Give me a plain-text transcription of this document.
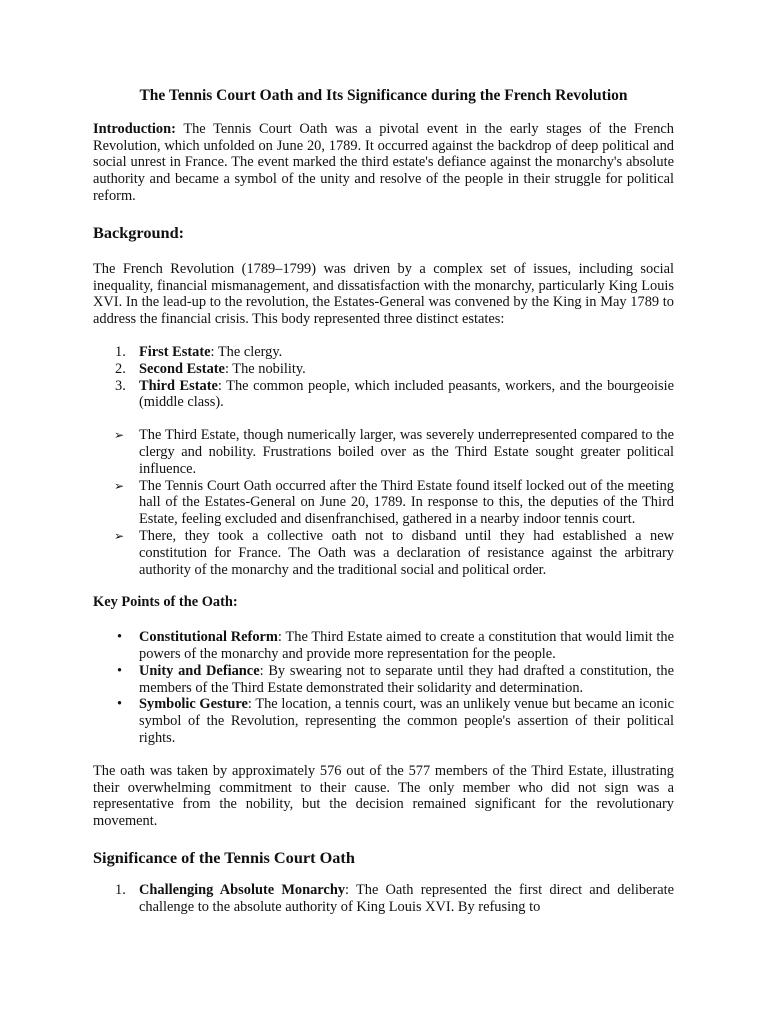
The Tennis Court Oath and Its Significance during the French Revolution

Introduction: The Tennis Court Oath was a pivotal event in the early stages of the French Revolution, which unfolded on June 20, 1789. It occurred against the backdrop of deep political and social unrest in France. The event marked the third estate's defiance against the monarchy's absolute authority and became a symbol of the unity and resolve of the people in their struggle for political reform.

Background:

The French Revolution (1789–1799) was driven by a complex set of issues, including social inequality, financial mismanagement, and dissatisfaction with the monarchy, particularly King Louis XVI. In the lead-up to the revolution, the Estates-General was convened by the King in May 1789 to address the financial crisis. This body represented three distinct estates:

1. First Estate: The clergy.
2. Second Estate: The nobility.
3. Third Estate: The common people, which included peasants, workers, and the bourgeoisie (middle class).
➢ The Third Estate, though numerically larger, was severely underrepresented compared to the clergy and nobility. Frustrations boiled over as the Third Estate sought greater political influence.
➢ The Tennis Court Oath occurred after the Third Estate found itself locked out of the meeting hall of the Estates-General on June 20, 1789. In response to this, the deputies of the Third Estate, feeling excluded and disenfranchised, gathered in a nearby indoor tennis court.
➢ There, they took a collective oath not to disband until they had established a new constitution for France. The Oath was a declaration of resistance against the arbitrary authority of the monarchy and the traditional social and political order.
Key Points of the Oath:
• Constitutional Reform: The Third Estate aimed to create a constitution that would limit the powers of the monarchy and provide more representation for the people.
• Unity and Defiance: By swearing not to separate until they had drafted a constitution, the members of the Third Estate demonstrated their solidarity and determination.
• Symbolic Gesture: The location, a tennis court, was an unlikely venue but became an iconic symbol of the Revolution, representing the common people's assertion of their political rights.

The oath was taken by approximately 576 out of the 577 members of the Third Estate, illustrating their overwhelming commitment to their cause. The only member who did not sign was a representative from the nobility, but the decision remained significant for the revolutionary movement.

Significance of the Tennis Court Oath
1. Challenging Absolute Monarchy: The Oath represented the first direct and deliberate challenge to the absolute authority of King Louis XVI. By refusing to
